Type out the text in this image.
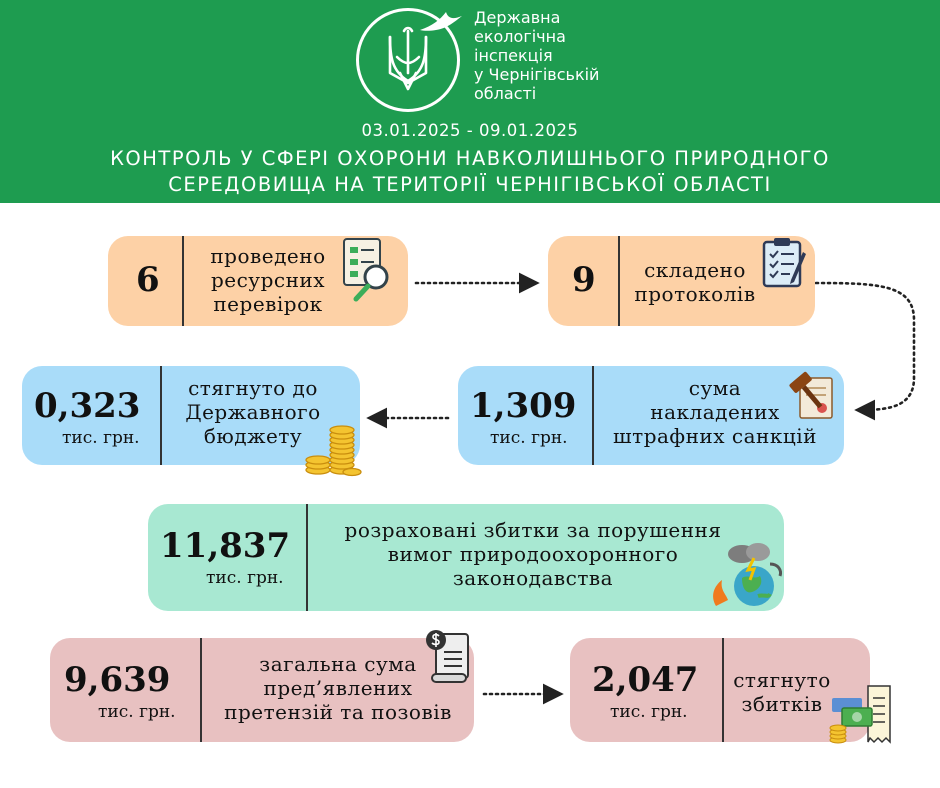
Державна
екологічна
інспекція
у Чернігівській
області
03.01.2025 - 09.01.2025
КОНТРОЛЬ У СФЕРІ ОХОРОНИ НАВКОЛИШНЬОГО ПРИРОДНОГО
СЕРЕДОВИЩА НА ТЕРИТОРІЇ ЧЕРНІГІВСЬКОЇ ОБЛАСТІ
6
проведено
ресурсних
перевірок
9	складено
протоколів
0,323
тис. грн.
стягнуто до
Державного
бюджету
1,309
тис. грн.
сума
накладених
штрафних санкцій
11,837
тис. грн.
розраховані збитки за порушення
вимог природоохоронного
законодавства
9,639
тис. грн.
загальна сума
пред’явлених
претензій та позовів
2,047
тис. грн.
стягнуто
збитків
